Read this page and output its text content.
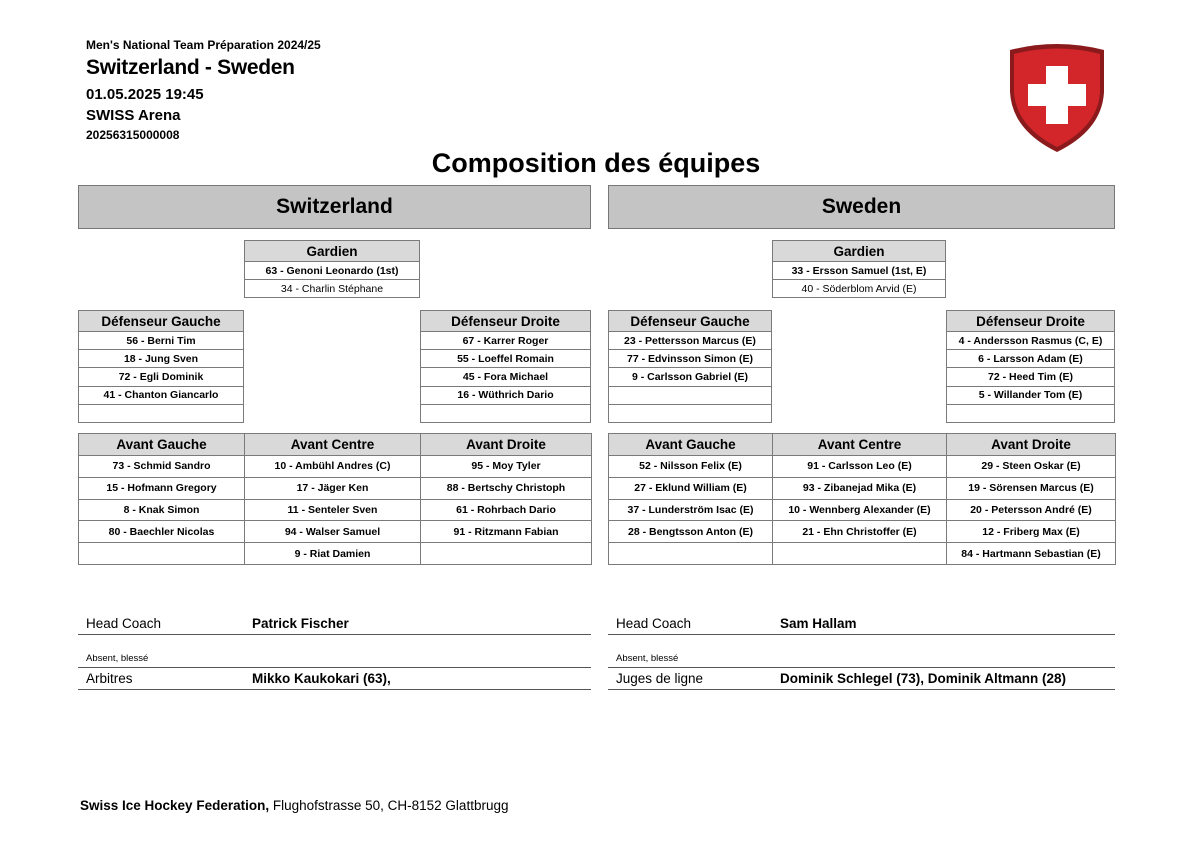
Men's National Team Préparation 2024/25
Switzerland - Sweden
01.05.2025 19:45
SWISS Arena
20256315000008
Composition des équipes
Switzerland	Sweden
Gardien
63 - Genoni Leonardo (1st)
34 - Charlin Stéphane
Gardien
33 - Ersson Samuel (1st, E)
40 - Söderblom Arvid (E)
Défenseur Gauche
56 - Berni Tim
18 - Jung Sven
72 - Egli Dominik
41 - Chanton Giancarlo

Défenseur Droite
67 - Karrer Roger
55 - Loeffel Romain
45 - Fora Michael
16 - Wüthrich Dario

Défenseur Gauche
23 - Pettersson Marcus (E)
77 - Edvinsson Simon (E)
9 - Carlsson Gabriel (E)

Défenseur Droite
4 - Andersson Rasmus (C, E)
6 - Larsson Adam (E)
72 - Heed Tim (E)
5 - Willander Tom (E)

Avant Gauche	Avant Centre	Avant Droite
73 - Schmid Sandro	10 - Ambühl Andres (C)	95 - Moy Tyler
15 - Hofmann Gregory	17 - Jäger Ken	88 - Bertschy Christoph
8 - Knak Simon	11 - Senteler Sven	61 - Rohrbach Dario
80 - Baechler Nicolas	94 - Walser Samuel	91 - Ritzmann Fabian
	9 - Riat Damien	
Avant Gauche	Avant Centre	Avant Droite
52 - Nilsson Felix (E)	91 - Carlsson Leo (E)	29 - Steen Oskar (E)
27 - Eklund William (E)	93 - Zibanejad Mika (E)	19 - Sörensen Marcus (E)
37 - Lunderström Isac (E)	10 - Wennberg Alexander (E)	20 - Petersson André (E)
28 - Bengtsson Anton (E)	21 - Ehn Christoffer (E)	12 - Friberg Max (E)
		84 - Hartmann Sebastian (E)
Head Coach	Patrick Fischer
Absent, blessé
Arbitres	Mikko Kaukokari (63),
Head Coach	Sam Hallam
Absent, blessé
Juges de ligne	Dominik Schlegel (73), Dominik Altmann (28)
Swiss Ice Hockey Federation, Flughofstrasse 50, CH-8152 Glattbrugg
